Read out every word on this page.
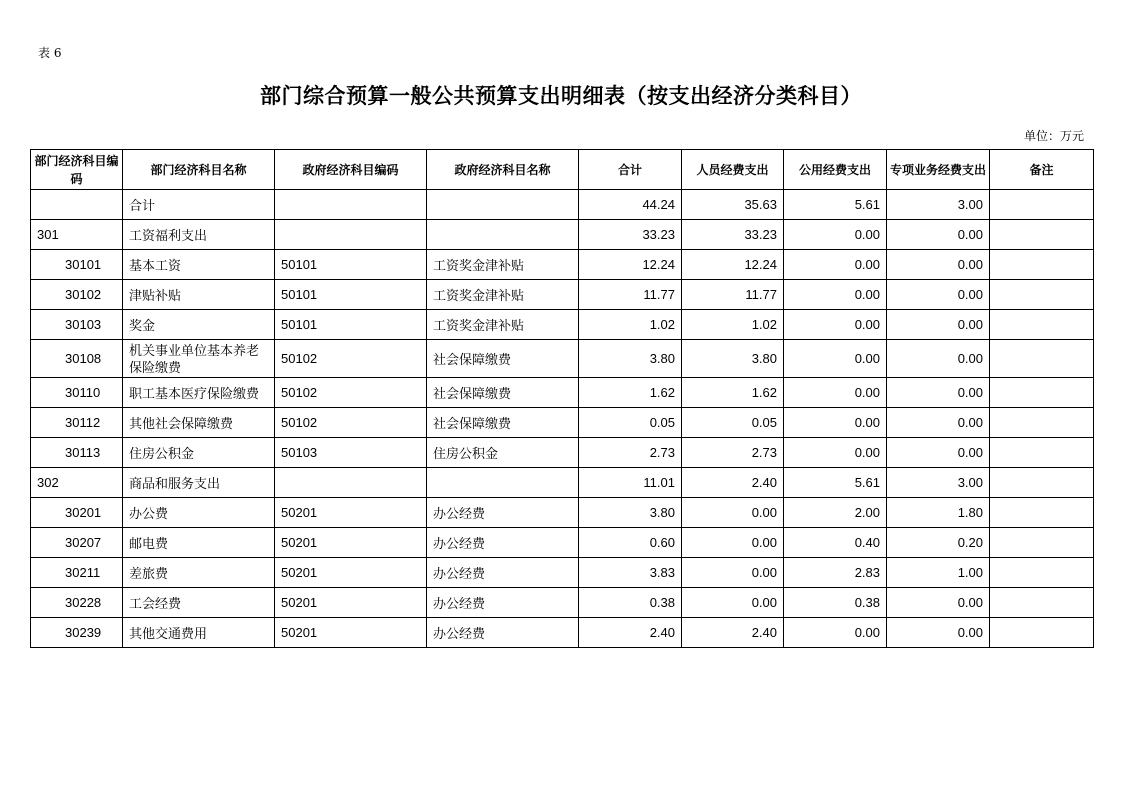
表 6
部门综合预算一般公共预算支出明细表（按支出经济分类科目）
单位：万元
部门经济科目编码	部门经济科目名称	政府经济科目编码	政府经济科目名称	合计	人员经费支出	公用经费支出	专项业务经费支出	备注
	合计			44.24	35.63	5.61	3.00	
301	工资福利支出			33.23	33.23	0.00	0.00	
30101	基本工资	50101	工资奖金津补贴	12.24	12.24	0.00	0.00	
30102	津贴补贴	50101	工资奖金津补贴	11.77	11.77	0.00	0.00	
30103	奖金	50101	工资奖金津补贴	1.02	1.02	0.00	0.00	
30108	机关事业单位基本养老保险缴费	50102	社会保障缴费	3.80	3.80	0.00	0.00	
30110	职工基本医疗保险缴费	50102	社会保障缴费	1.62	1.62	0.00	0.00	
30112	其他社会保障缴费	50102	社会保障缴费	0.05	0.05	0.00	0.00	
30113	住房公积金	50103	住房公积金	2.73	2.73	0.00	0.00	
302	商品和服务支出			11.01	2.40	5.61	3.00	
30201	办公费	50201	办公经费	3.80	0.00	2.00	1.80	
30207	邮电费	50201	办公经费	0.60	0.00	0.40	0.20	
30211	差旅费	50201	办公经费	3.83	0.00	2.83	1.00	
30228	工会经费	50201	办公经费	0.38	0.00	0.38	0.00	
30239	其他交通费用	50201	办公经费	2.40	2.40	0.00	0.00	
